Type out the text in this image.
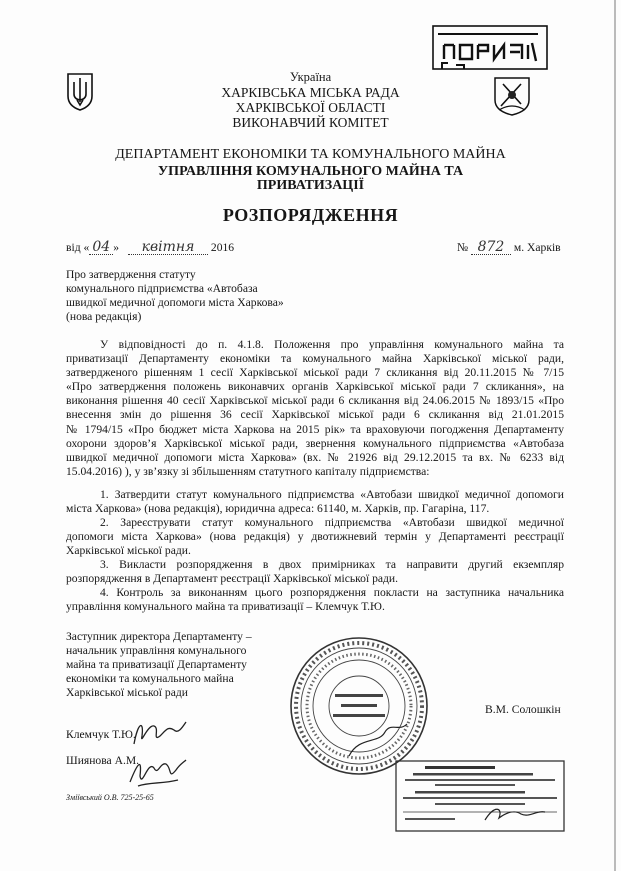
Україна
ХАРКІВСЬКА МІСЬКА РАДА
ХАРКІВСЬКОЇ ОБЛАСТІ
ВИКОНАВЧИЙ КОМІТЕТ
ДЕПАРТАМЕНТ ЕКОНОМІКИ ТА КОМУНАЛЬНОГО МАЙНА
УПРАВЛІННЯ КОМУНАЛЬНОГО МАЙНА ТА
ПРИВАТИЗАЦІЇ
РОЗПОРЯДЖЕННЯ
від « 04 » квітня 2016	№ 872 м. Харків
Про затвердження статуту
комунального підприємства «Автобаза
швидкої медичної допомоги міста Харкова»
(нова редакція)
У відповідності до п. 4.1.8. Положення про управління комунального майна та
приватизації Департаменту економіки та комунального майна Харківської міської ради,
затвердженого рішенням 1 сесії Харківської міської ради 7 скликання від 20.11.2015 № 7/15
«Про затвердження положень виконавчих органів Харківської міської ради 7 скликання», на
виконання рішення 40 сесії Харківської міської ради 6 скликання від 24.06.2015 № 1893/15 «Про
внесення змін до рішення 36 сесії Харківської міської ради 6 скликання від 21.01.2015
№ 1794/15 «Про бюджет міста Харкова на 2015 рік» та враховуючи погодження Департаменту
охорони здоров’я Харківської міської ради, звернення комунального підприємства «Автобаза
швидкої медичної допомоги міста Харкова» (вх. № 21926 від 29.12.2015 та вх. № 6233 від
15.04.2016) ), у зв’язку зі збільшенням статутного капіталу підприємства:
1. Затвердити статут комунального підприємства «Автобази швидкої медичної допомоги
міста Харкова» (нова редакція), юридична адреса: 61140, м. Харків, пр. Гагаріна, 117.
2. Зареєструвати статут комунального підприємства «Автобази швидкої медичної
допомоги міста Харкова» (нова редакція) у двотижневий термін у Департаменті реєстрації
Харківської міської ради.
3. Викласти розпорядження в двох примірниках та направити другий екземпляр
розпорядження в Департамент реєстрації Харківської міської ради.
4. Контроль за виконанням цього розпорядження покласти на заступника начальника
управління комунального майна та приватизації – Клемчук Т.Ю.
Заступник директора Департаменту –
начальник управління комунального
майна та приватизації Департаменту
економіки та комунального майна
Харківської міської ради
В.М. Солошкін
Клемчук Т.Ю.
Шиянова А.М.
Зміївський О.В. 725-25-65
